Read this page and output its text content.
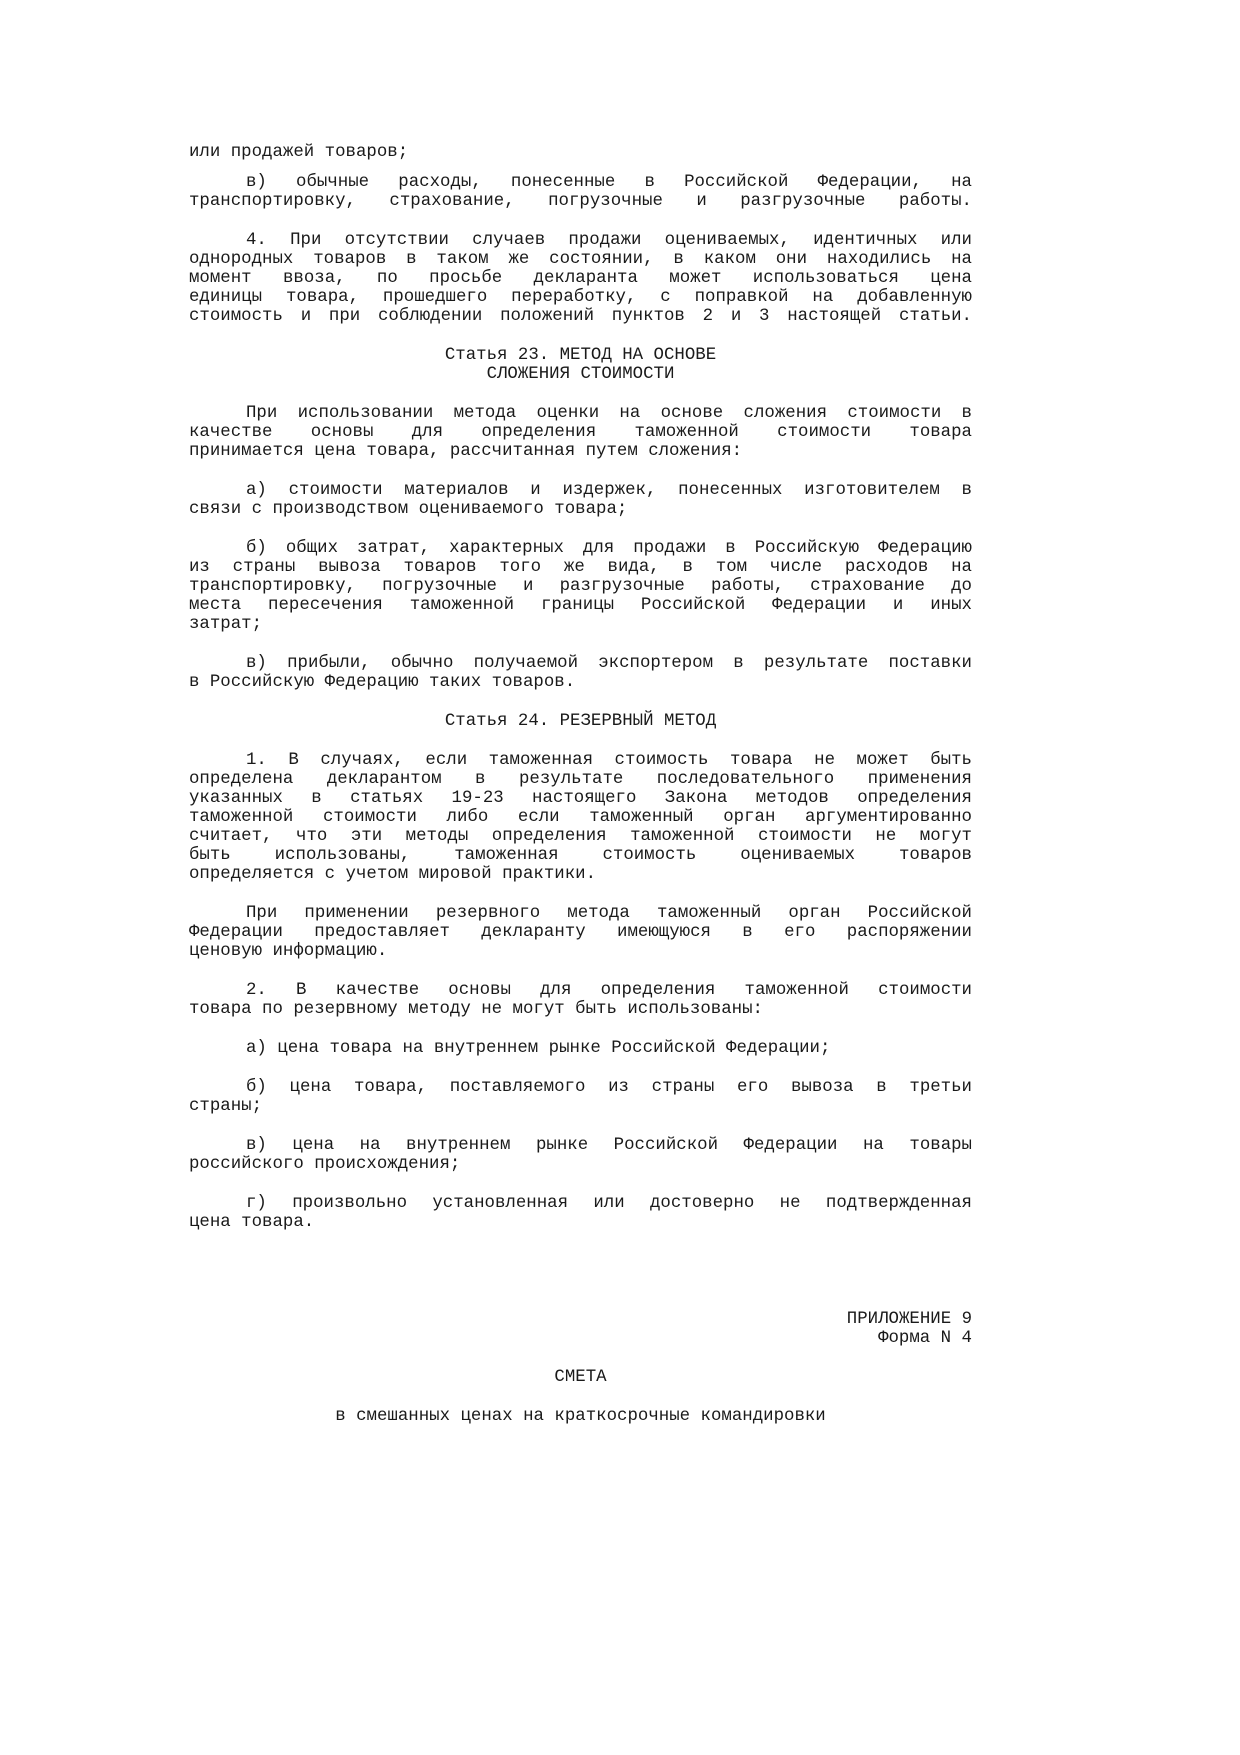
или продажей товаров;
в) обычные расходы, понесенные в Российской Федерации, на
транспортировку, страхование, погрузочные и разгрузочные работы.
4. При отсутствии случаев продажи оцениваемых, идентичных или
однородных товаров в таком же состоянии, в каком они находились на
момент ввоза, по просьбе декларанта может использоваться цена
единицы товара, прошедшего переработку, с поправкой на добавленную
стоимость и при соблюдении положений пунктов 2 и 3 настоящей статьи.
Статья 23. МЕТОД НА ОСНОВЕ
СЛОЖЕНИЯ СТОИМОСТИ
При использовании метода оценки на основе сложения стоимости в
качестве основы для определения таможенной стоимости товара
принимается цена товара, рассчитанная путем сложения:
а) стоимости материалов и издержек, понесенных изготовителем в
связи с производством оцениваемого товара;
б) общих затрат, характерных для продажи в Российскую Федерацию
из страны вывоза товаров того же вида, в том числе расходов на
транспортировку, погрузочные и разгрузочные работы, страхование до
места пересечения таможенной границы Российской Федерации и иных
затрат;
в) прибыли, обычно получаемой экспортером в результате поставки
в Российскую Федерацию таких товаров.
Статья 24. РЕЗЕРВНЫЙ МЕТОД
1. В случаях, если таможенная стоимость товара не может быть
определена декларантом в результате последовательного применения
указанных в статьях 19-23 настоящего Закона методов определения
таможенной стоимости либо если таможенный орган аргументированно
считает, что эти методы определения таможенной стоимости не могут
быть использованы, таможенная стоимость оцениваемых товаров
определяется с учетом мировой практики.
При применении резервного метода таможенный орган Российской
Федерации предоставляет декларанту имеющуюся в его распоряжении
ценовую информацию.
2. В качестве основы для определения таможенной стоимости
товара по резервному методу не могут быть использованы:
а) цена товара на внутреннем рынке Российской Федерации;
б) цена товара, поставляемого из страны его вывоза в третьи
страны;
в) цена на внутреннем рынке Российской Федерации на товары
российского происхождения;
г) произвольно установленная или достоверно не подтвержденная
цена товара.
ПРИЛОЖЕНИЕ 9
Форма N 4
СМЕТА
в смешанных ценах на краткосрочные командировки
